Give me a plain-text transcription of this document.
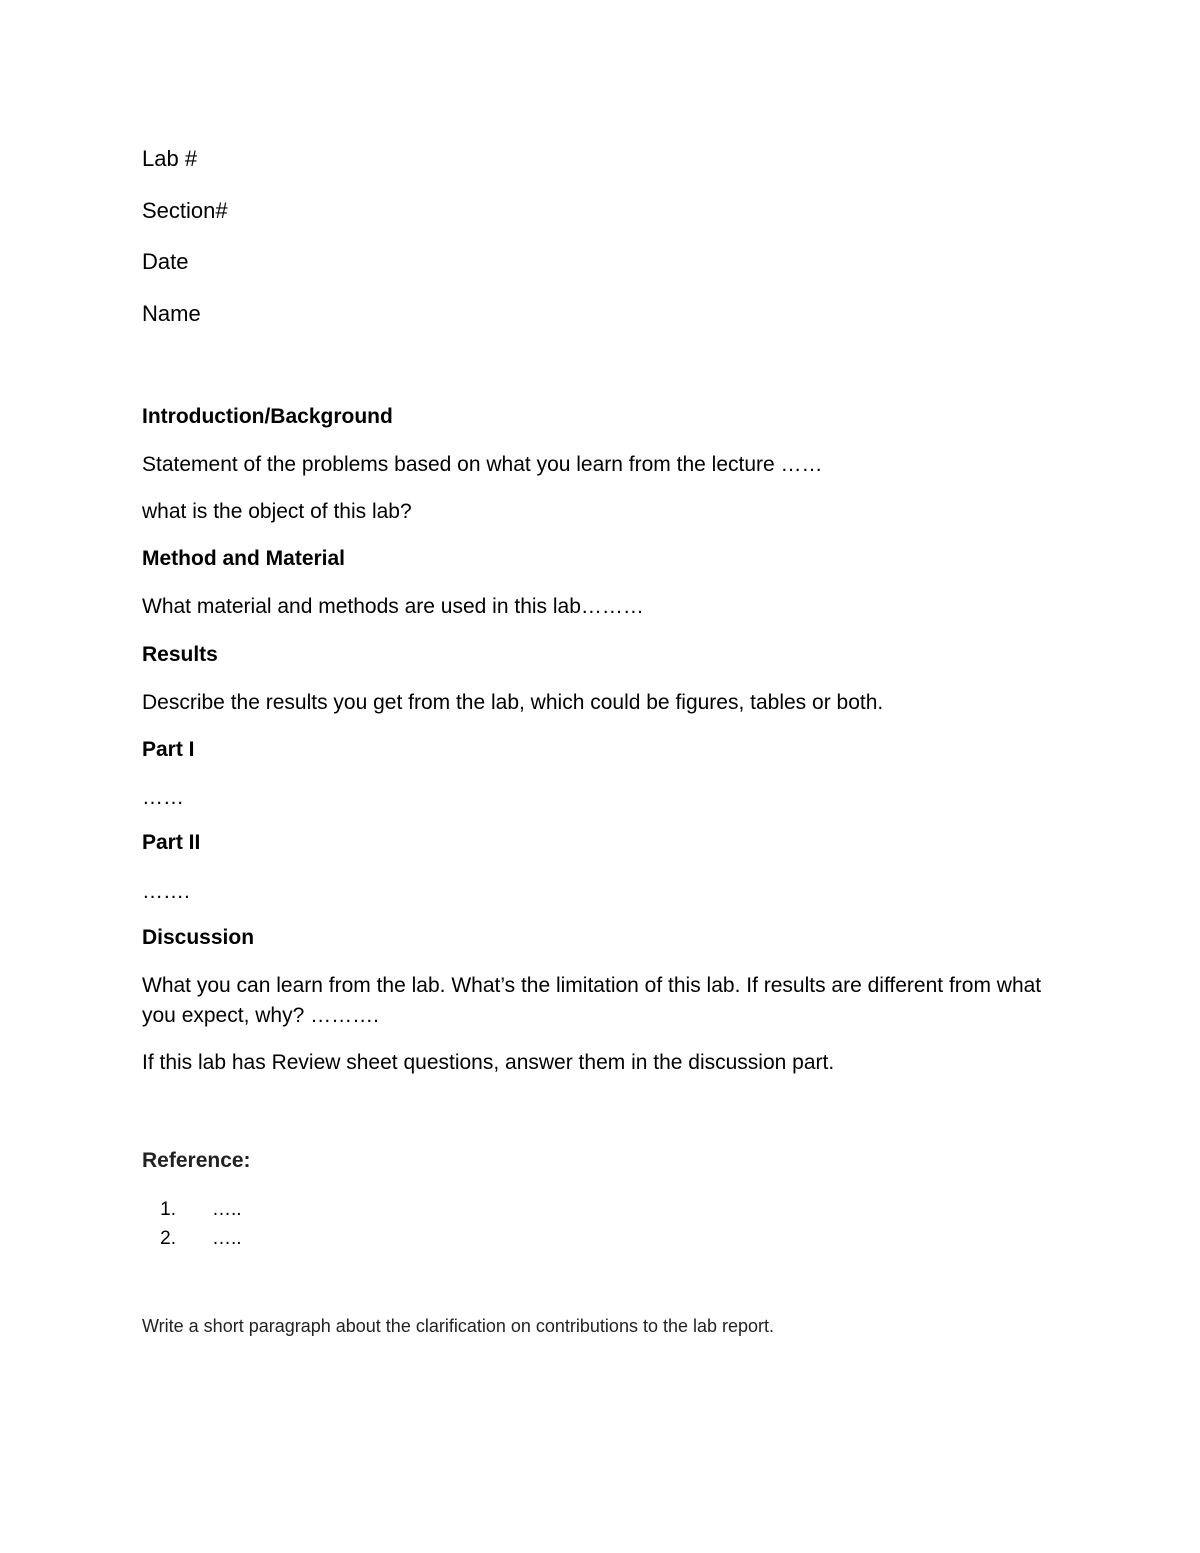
Lab #

Section#

Date

Name

Introduction/Background

Statement of the problems based on what you learn from the lecture ……

what is the object of this lab?

Method and Material

What material and methods are used in this lab………

Results

Describe the results you get from the lab, which could be figures, tables or both.

Part I

……

Part II

…….

Discussion

What you can learn from the lab. What’s the limitation of this lab. If results are different from what you expect, why? ……….

If this lab has Review sheet questions, answer them in the discussion part.

Reference:

1.	…..
2.	…..

Write a short paragraph about the clarification on contributions to the lab report.
